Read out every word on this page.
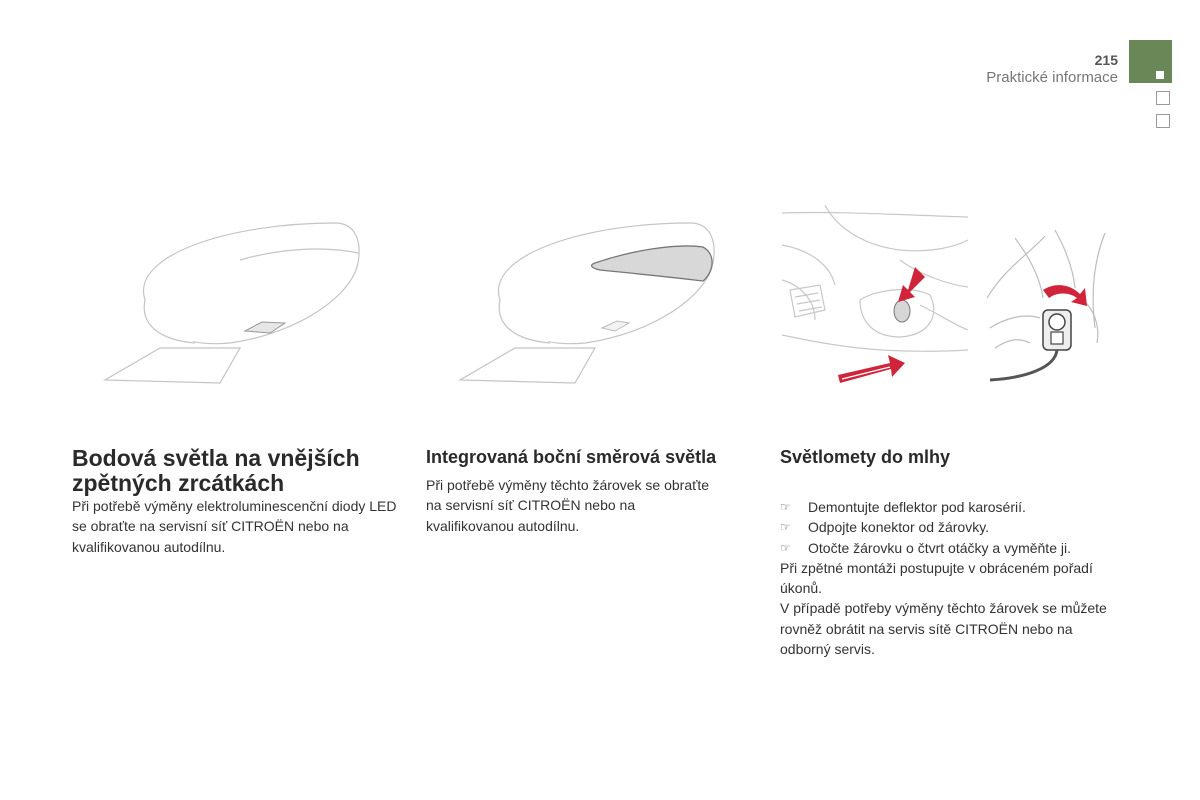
215
Praktické informace
Bodová světla na vnějších zpětných zrcátkách

Při potřebě výměny elektroluminescenční diody LED se obraťte na servisní síť CITROËN nebo na kvalifikovanou autodílnu.

Integrovaná boční směrová světla

Při potřebě výměny těchto žárovek se obraťte na servisní síť CITROËN nebo na kvalifikovanou autodílnu.

Světlomety do mlhy
☞ Demontujte deflektor pod karosérií.
☞ Odpojte konektor od žárovky.
☞ Otočte žárovku o čtvrt otáčky a vyměňte ji.

Při zpětné montáži postupujte v obráceném pořadí úkonů.

V případě potřeby výměny těchto žárovek se můžete rovněž obrátit na servis sítě CITROËN nebo na odborný servis.
